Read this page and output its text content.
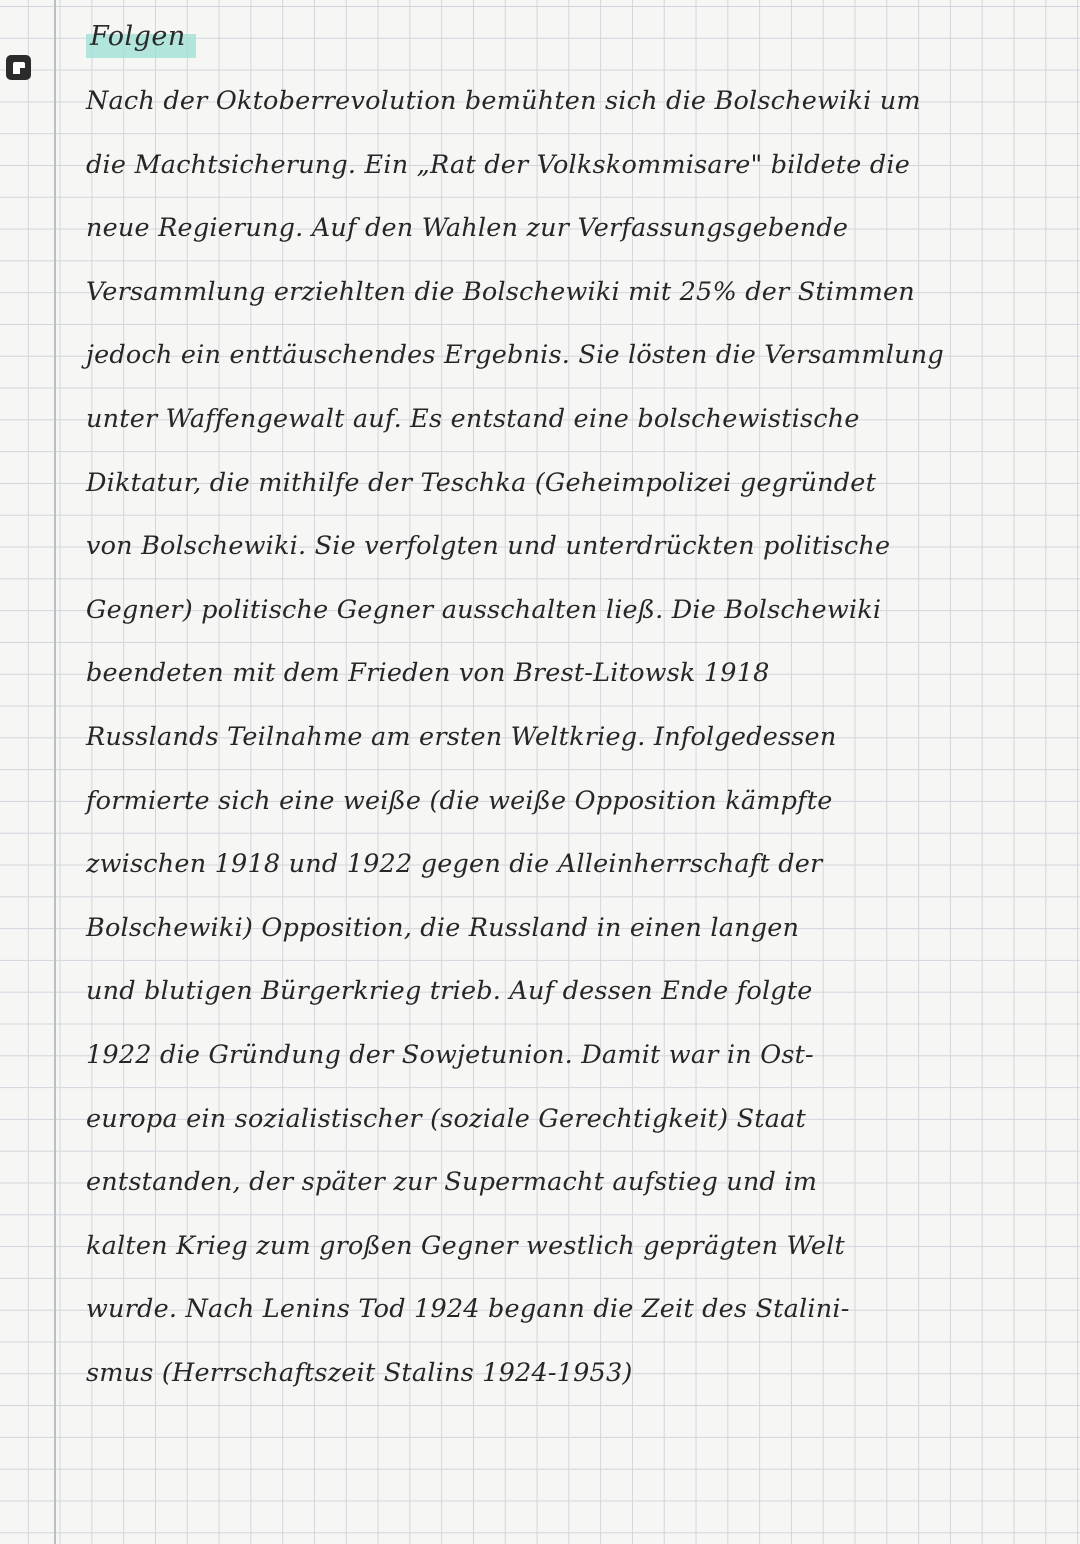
Folgen
Nach der Oktoberrevolution bemühten sich die Bolschewiki um
die Machtsicherung. Ein „Rat der Volkskommisare" bildete die
neue Regierung. Auf den Wahlen zur Verfassungsgebende
Versammlung erziehlten die Bolschewiki mit 25% der Stimmen
jedoch ein enttäuschendes Ergebnis. Sie lösten die Versammlung
unter Waffengewalt auf. Es entstand eine bolschewistische
Diktatur, die mithilfe der Teschka (Geheimpolizei gegründet
von Bolschewiki. Sie verfolgten und unterdrückten politische
Gegner) politische Gegner ausschalten ließ. Die Bolschewiki
beendeten mit dem Frieden von Brest-Litowsk 1918
Russlands Teilnahme am ersten Weltkrieg. Infolgedessen
formierte sich eine weiße (die weiße Opposition kämpfte
zwischen 1918 und 1922 gegen die Alleinherrschaft der
Bolschewiki) Opposition, die Russland in einen langen
und blutigen Bürgerkrieg trieb. Auf dessen Ende folgte
1922 die Gründung der Sowjetunion. Damit war in Ost-
europa ein sozialistischer (soziale Gerechtigkeit) Staat
entstanden, der später zur Supermacht aufstieg und im
kalten Krieg zum großen Gegner westlich geprägten Welt
wurde. Nach Lenins Tod 1924 begann die Zeit des Stalini-
smus (Herrschaftszeit Stalins 1924-1953)
